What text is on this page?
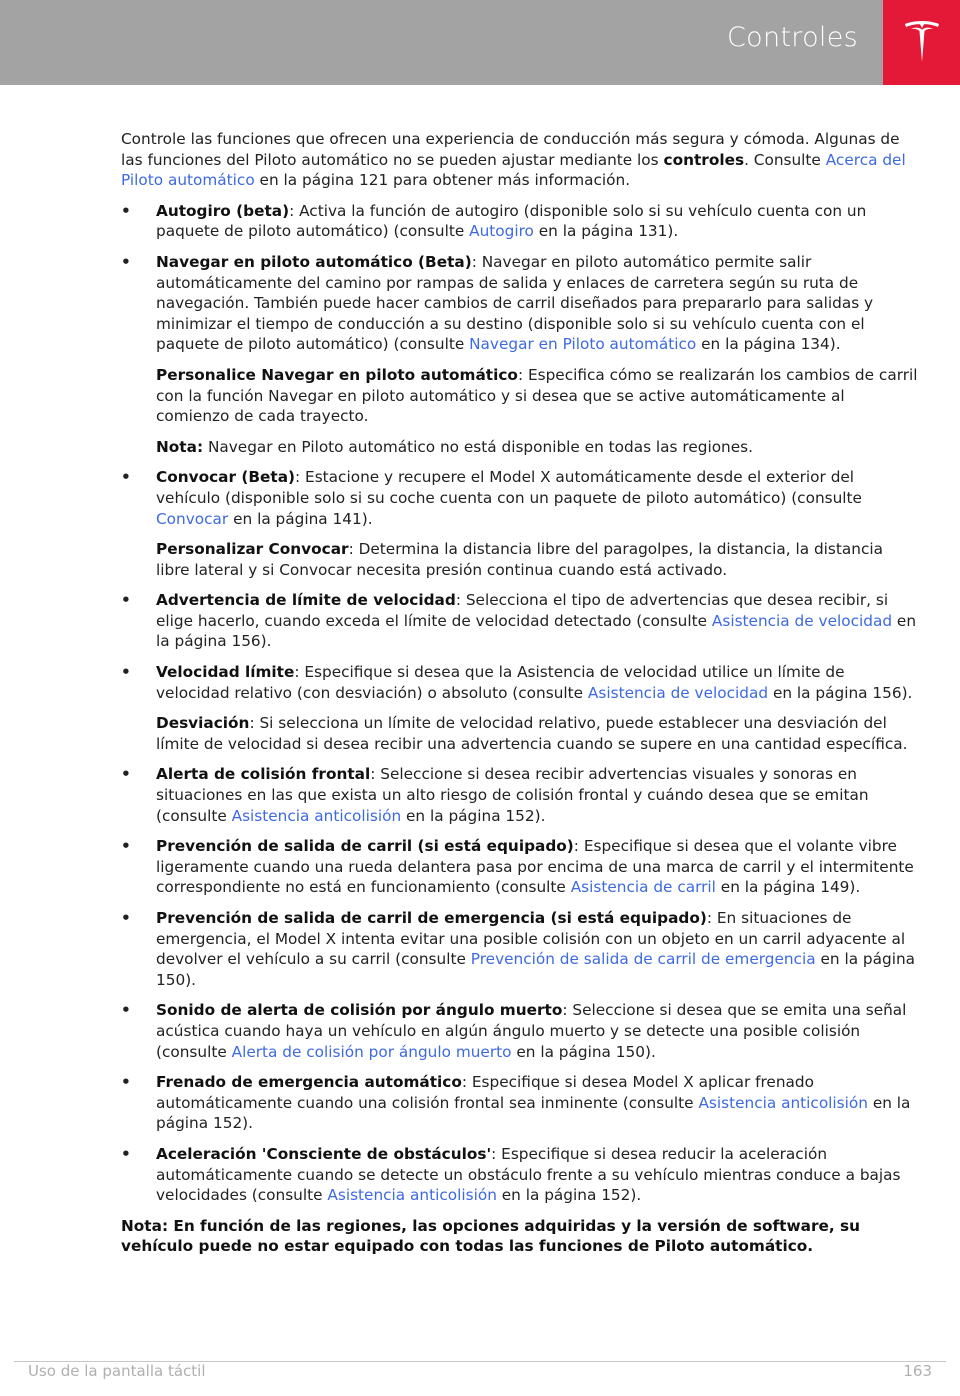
Controles

Controle las funciones que ofrecen una experiencia de conducción más segura y cómoda. Algunas de las funciones del Piloto automático no se pueden ajustar mediante los controles. Consulte Acerca del Piloto automático en la página 121 para obtener más información.

• Autogiro (beta): Activa la función de autogiro (disponible solo si su vehículo cuenta con un paquete de piloto automático) (consulte Autogiro en la página 131).
• Navegar en piloto automático (Beta): Navegar en piloto automático permite salir automáticamente del camino por rampas de salida y enlaces de carretera según su ruta de navegación. También puede hacer cambios de carril diseñados para prepararlo para salidas y minimizar el tiempo de conducción a su destino (disponible solo si su vehículo cuenta con el paquete de piloto automático) (consulte Navegar en Piloto automático en la página 134).

Personalice Navegar en piloto automático: Especifica cómo se realizarán los cambios de carril con la función Navegar en piloto automático y si desea que se active automáticamente al comienzo de cada trayecto.

Nota: Navegar en Piloto automático no está disponible en todas las regiones.

• Convocar (Beta): Estacione y recupere el Model X automáticamente desde el exterior del vehículo (disponible solo si su coche cuenta con un paquete de piloto automático) (consulte Convocar en la página 141).

Personalizar Convocar: Determina la distancia libre del paragolpes, la distancia, la distancia libre lateral y si Convocar necesita presión continua cuando está activado.

• Advertencia de límite de velocidad: Selecciona el tipo de advertencias que desea recibir, si elige hacerlo, cuando exceda el límite de velocidad detectado (consulte Asistencia de velocidad en la página 156).
• Velocidad límite: Especifique si desea que la Asistencia de velocidad utilice un límite de velocidad relativo (con desviación) o absoluto (consulte Asistencia de velocidad en la página 156).

Desviación: Si selecciona un límite de velocidad relativo, puede establecer una desviación del límite de velocidad si desea recibir una advertencia cuando se supere en una cantidad específica.

• Alerta de colisión frontal: Seleccione si desea recibir advertencias visuales y sonoras en situaciones en las que exista un alto riesgo de colisión frontal y cuándo desea que se emitan (consulte Asistencia anticolisión en la página 152).
• Prevención de salida de carril (si está equipado): Especifique si desea que el volante vibre ligeramente cuando una rueda delantera pasa por encima de una marca de carril y el intermitente correspondiente no está en funcionamiento (consulte Asistencia de carril en la página 149).
• Prevención de salida de carril de emergencia (si está equipado): En situaciones de emergencia, el Model X intenta evitar una posible colisión con un objeto en un carril adyacente al devolver el vehículo a su carril (consulte Prevención de salida de carril de emergencia en la página 150).
• Sonido de alerta de colisión por ángulo muerto: Seleccione si desea que se emita una señal acústica cuando haya un vehículo en algún ángulo muerto y se detecte una posible colisión (consulte Alerta de colisión por ángulo muerto en la página 150).
• Frenado de emergencia automático: Especifique si desea Model X aplicar frenado automáticamente cuando una colisión frontal sea inminente (consulte Asistencia anticolisión en la página 152).
• Aceleración 'Consciente de obstáculos': Especifique si desea reducir la aceleración automáticamente cuando se detecte un obstáculo frente a su vehículo mientras conduce a bajas velocidades (consulte Asistencia anticolisión en la página 152).

Nota: En función de las regiones, las opciones adquiridas y la versión de software, su vehículo puede no estar equipado con todas las funciones de Piloto automático.

Uso de la pantalla táctil	163
